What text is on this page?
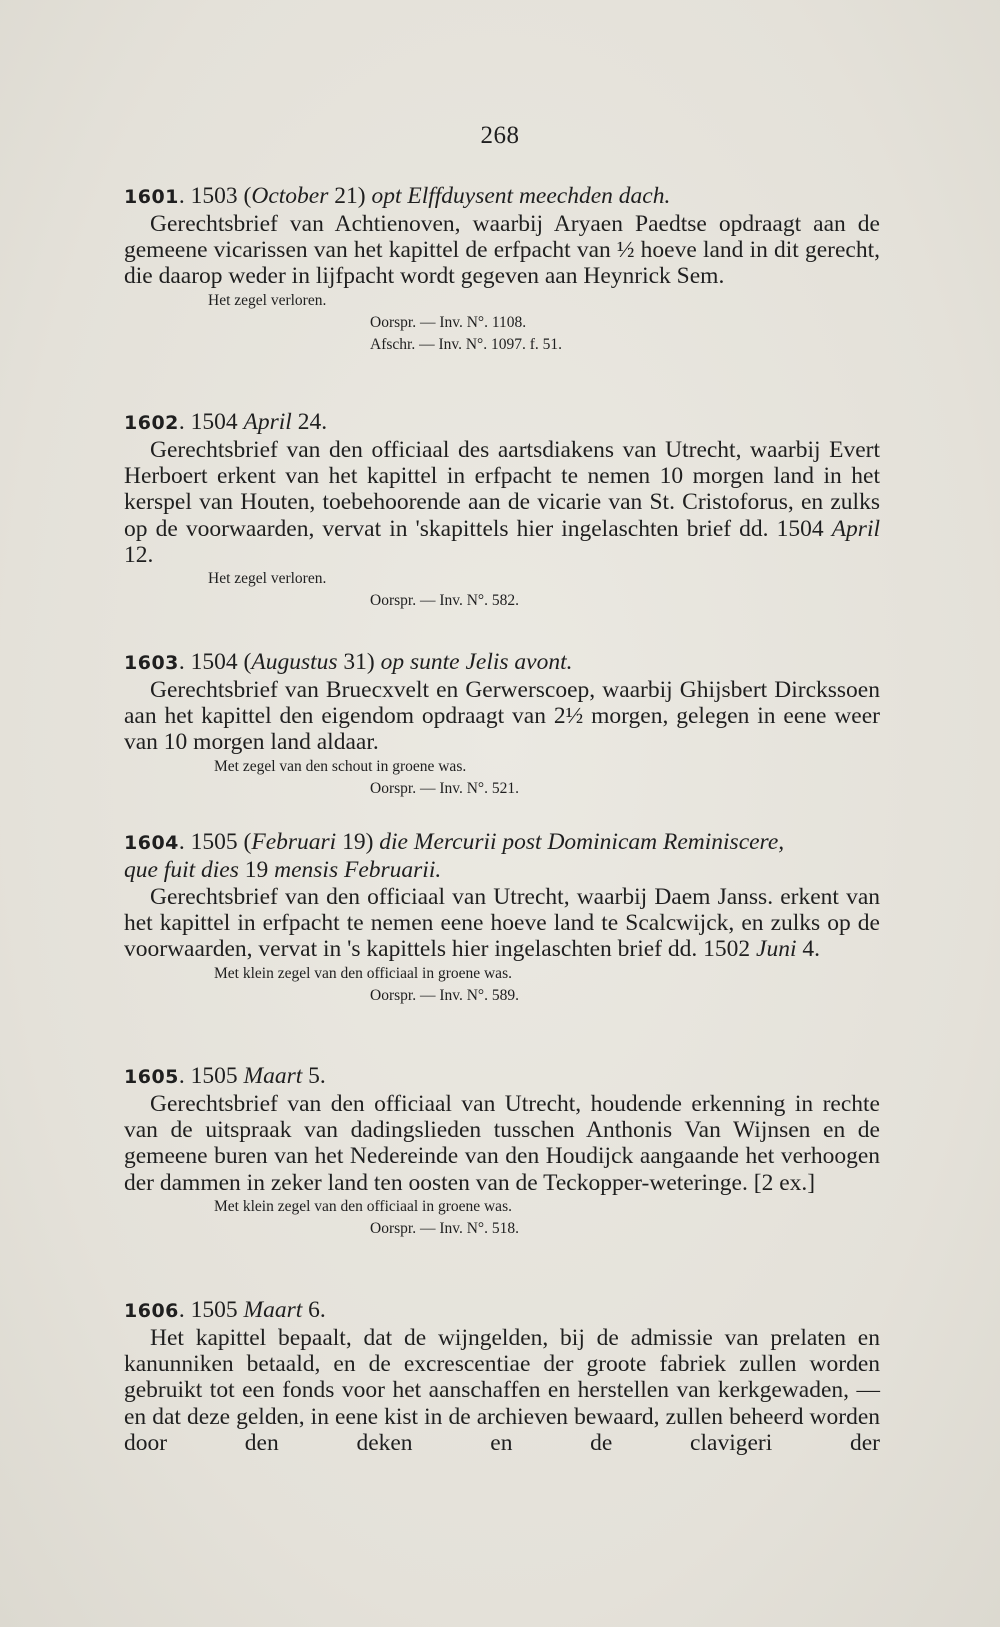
268
1601. 1503 (October 21) opt Elffduysent meechden dach.

Gerechtsbrief van Achtienoven, waarbij Aryaen Paedtse opdraagt aan de gemeene vicarissen van het kapittel de erfpacht van ½ hoeve land in dit gerecht, die daarop weder in lijfpacht wordt gegeven aan Heynrick Sem.

Het zegel verloren.
Oorspr. — Inv. N°. 1108.
Afschr. — Inv. N°. 1097. f. 51.
1602. 1504 April 24.

Gerechtsbrief van den officiaal des aartsdiakens van Utrecht, waarbij Evert Herboert erkent van het kapittel in erfpacht te nemen 10 morgen land in het kerspel van Houten, toebehoorende aan de vicarie van St. Cristoforus, en zulks op de voorwaarden, vervat in 'skapittels hier ingelaschten brief dd. 1504 April 12.

Het zegel verloren.
Oorspr. — Inv. N°. 582.
1603. 1504 (Augustus 31) op sunte Jelis avont.

Gerechtsbrief van Bruecxvelt en Gerwerscoep, waarbij Ghijsbert Dirckssoen aan het kapittel den eigendom opdraagt van 2½ morgen, gelegen in eene weer van 10 morgen land aldaar.

Met zegel van den schout in groene was.
Oorspr. — Inv. N°. 521.
1604. 1505 (Februari 19) die Mercurii post Dominicam Reminiscere,
que fuit dies 19 mensis Februarii.

Gerechtsbrief van den officiaal van Utrecht, waarbij Daem Janss. erkent van het kapittel in erfpacht te nemen eene hoeve land te Scalcwijck, en zulks op de voorwaarden, vervat in 's kapittels hier ingelaschten brief dd. 1502 Juni 4.

Met klein zegel van den officiaal in groene was.
Oorspr. — Inv. N°. 589.
1605. 1505 Maart 5.

Gerechtsbrief van den officiaal van Utrecht, houdende erkenning in rechte van de uitspraak van dadingslieden tusschen Anthonis Van Wijnsen en de gemeene buren van het Nedereinde van den Houdijck aangaande het verhoogen der dammen in zeker land ten oosten van de Teckopper-weteringe. [2 ex.]

Met klein zegel van den officiaal in groene was.
Oorspr. — Inv. N°. 518.
1606. 1505 Maart 6.

Het kapittel bepaalt, dat de wijngelden, bij de admissie van prelaten en kanunniken betaald, en de excrescentiae der groote fabriek zullen worden gebruikt tot een fonds voor het aanschaffen en herstellen van kerkgewaden, — en dat deze gelden, in eene kist in de archieven bewaard, zullen beheerd worden door den deken en de clavigeri der
